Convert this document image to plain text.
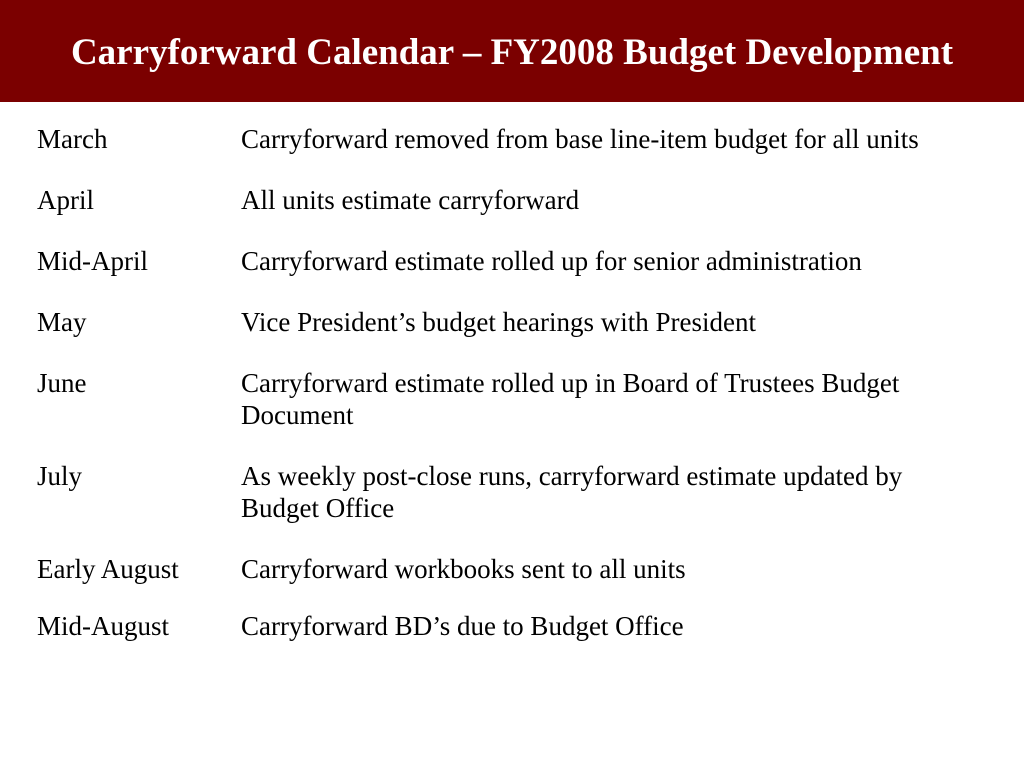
Carryforward Calendar – FY2008 Budget Development
March	Carryforward removed from base line-item budget for all units
April	All units estimate carryforward
Mid-April	Carryforward estimate rolled up for senior administration
May	Vice President’s budget hearings with President
June	Carryforward estimate rolled up in Board of Trustees Budget Document
July	As weekly post-close runs, carryforward estimate updated by Budget Office
Early August	Carryforward workbooks sent to all units
Mid-August	Carryforward BD’s due to Budget Office
